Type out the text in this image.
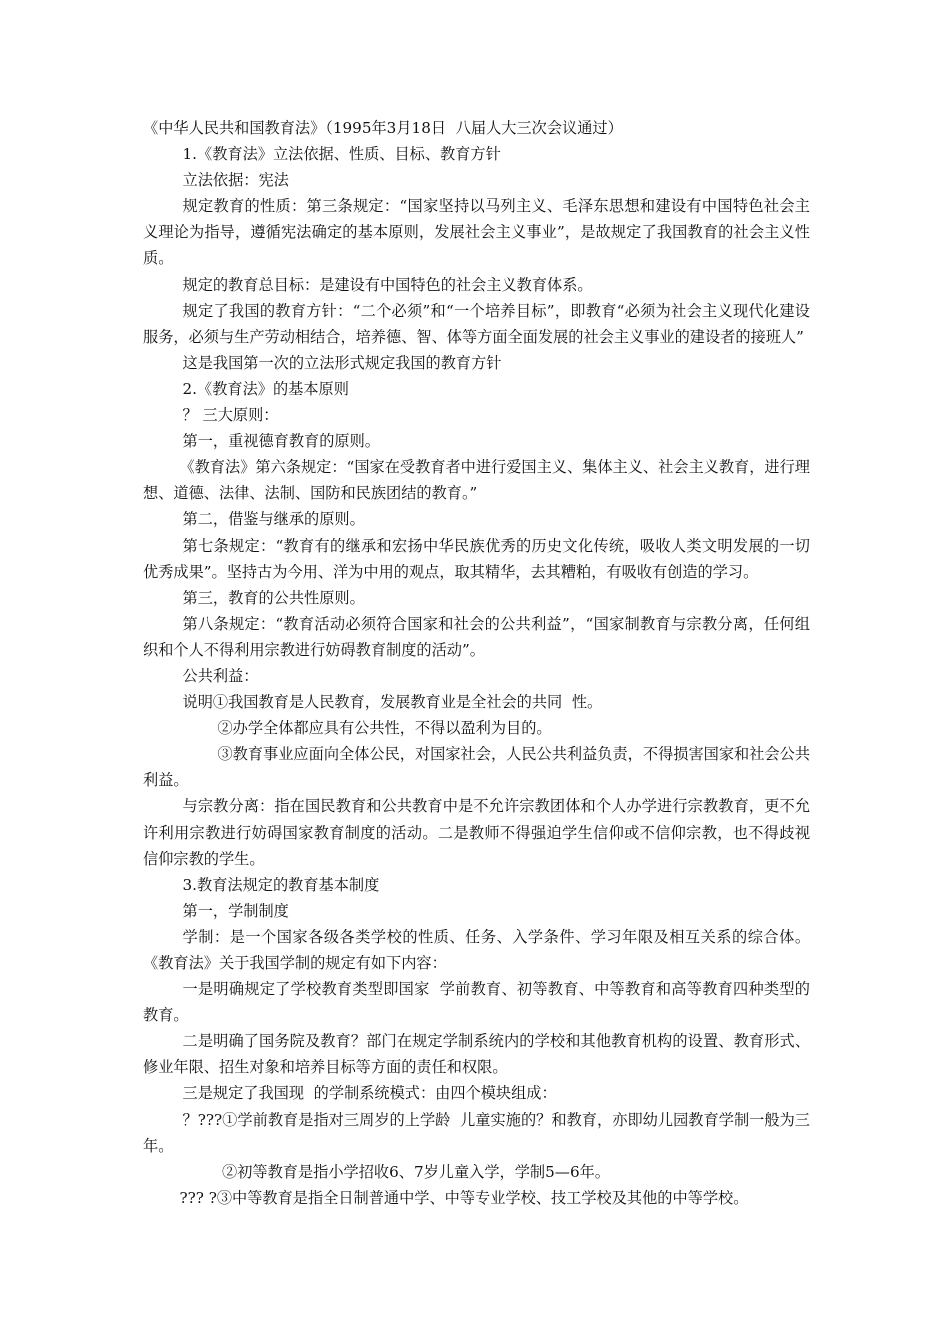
《中华人民共和国教育法》（1995年3月18日  八届人大三次会议通过）

1.《教育法》立法依据、性质、目标、教育方针

立法依据：宪法

规定教育的性质：第三条规定：“国家坚持以马列主义、毛泽东思想和建设有中国特色社会主义理论为指导，遵循宪法确定的基本原则，发展社会主义事业”，是故规定了我国教育的社会主义性质。

规定的教育总目标：是建设有中国特色的社会主义教育体系。

规定了我国的教育方针：“二个必须”和“一个培养目标”，即教育“必须为社会主义现代化建设服务，必须与生产劳动相结合，培养德、智、体等方面全面发展的社会主义事业的建设者的接班人”

这是我国第一次的立法形式规定我国的教育方针

2.《教育法》的基本原则

？ 三大原则：

第一，重视德育教育的原则。

《教育法》第六条规定：“国家在受教育者中进行爱国主义、集体主义、社会主义教育，进行理想、道德、法律、法制、国防和民族团结的教育。”

第二，借鉴与继承的原则。

第七条规定：“教育有的继承和宏扬中华民族优秀的历史文化传统，吸收人类文明发展的一切优秀成果”。坚持古为今用、洋为中用的观点，取其精华，去其糟粕，有吸收有创造的学习。

第三，教育的公共性原则。

第八条规定：“教育活动必须符合国家和社会的公共利益”，“国家制教育与宗教分离，任何组织和个人不得利用宗教进行妨碍教育制度的活动”。

公共利益：

说明①我国教育是人民教育，发展教育业是全社会的共同  性。

②办学全体都应具有公共性，不得以盈利为目的。

③教育事业应面向全体公民，对国家社会，人民公共利益负责，不得损害国家和社会公共利益。

与宗教分离：指在国民教育和公共教育中是不允许宗教团体和个人办学进行宗教教育，更不允许利用宗教进行妨碍国家教育制度的活动。二是教师不得强迫学生信仰或不信仰宗教，也不得歧视信仰宗教的学生。

3.教育法规定的教育基本制度

第一，学制制度

学制：是一个国家各级各类学校的性质、任务、入学条件、学习年限及相互关系的综合体。《教育法》关于我国学制的规定有如下内容：

一是明确规定了学校教育类型即国家  学前教育、初等教育、中等教育和高等教育四种类型的教育。

二是明确了国务院及教育？部门在规定学制系统内的学校和其他教育机构的设置、教育形式、修业年限、招生对象和培养目标等方面的责任和权限。

三是规定了我国现  的学制系统模式：由四个模块组成：

？???①学前教育是指对三周岁的上学龄  儿童实施的？和教育，亦即幼儿园教育学制一般为三年。

②初等教育是指小学招收6、7岁儿童入学，学制5—6年。

??? ?③中等教育是指全日制普通中学、中等专业学校、技工学校及其他的中等学校。
